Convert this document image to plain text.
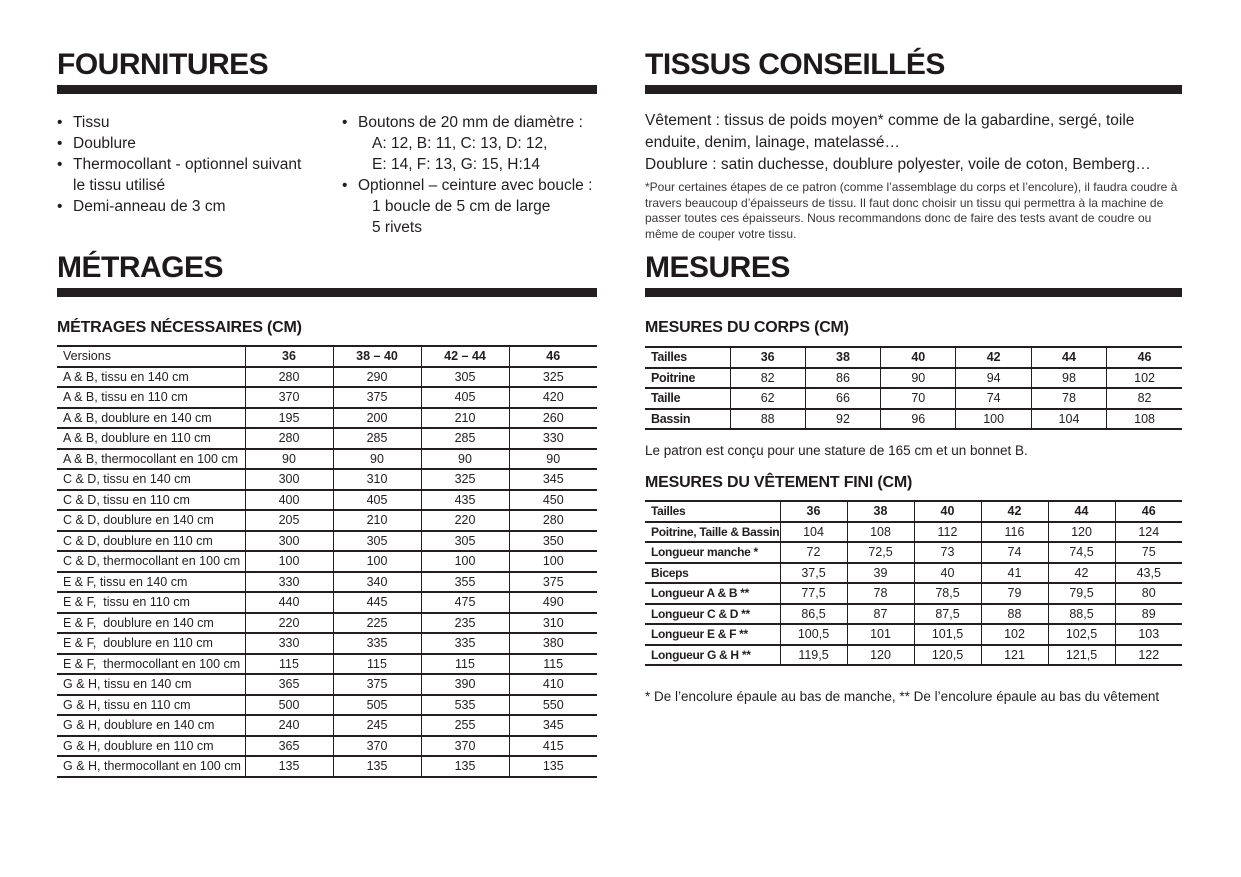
FOURNITURES
• Tissu
• Doublure
• Thermocollant - optionnel suivant
le tissu utilisé
• Demi-anneau de 3 cm
• Boutons de 20 mm de diamètre :
A: 12, B: 11, C: 13, D: 12,
E: 14, F: 13, G: 15, H:14
• Optionnel – ceinture avec boucle :
1 boucle de 5 cm de large
5 rivets
MÉTRAGES
MÉTRAGES NÉCESSAIRES (CM)
Versions	36	38 – 40	42 – 44	46
A & B, tissu en 140 cm	280	290	305	325
A & B, tissu en 110 cm	370	375	405	420
A & B, doublure en 140 cm	195	200	210	260
A & B, doublure en 110 cm	280	285	285	330
A & B, thermocollant en 100 cm	90	90	90	90
C & D, tissu en 140 cm	300	310	325	345
C & D, tissu en 110 cm	400	405	435	450
C & D, doublure en 140 cm	205	210	220	280
C & D, doublure en 110 cm	300	305	305	350
C & D, thermocollant en 100 cm	100	100	100	100
E & F, tissu en 140 cm	330	340	355	375
E & F,  tissu en 110 cm	440	445	475	490
E & F,  doublure en 140 cm	220	225	235	310
E & F,  doublure en 110 cm	330	335	335	380
E & F,  thermocollant en 100 cm	115	115	115	115
G & H, tissu en 140 cm	365	375	390	410
G & H, tissu en 110 cm	500	505	535	550
G & H, doublure en 140 cm	240	245	255	345
G & H, doublure en 110 cm	365	370	370	415
G & H, thermocollant en 100 cm	135	135	135	135
TISSUS CONSEILLÉS
Vêtement : tissus de poids moyen* comme de la gabardine, sergé, toile enduite, denim, lainage, matelassé…
Doublure : satin duchesse, doublure polyester, voile de coton, Bemberg…
*Pour certaines étapes de ce patron (comme l’assemblage du corps et l’encolure), il faudra coudre à travers beaucoup d’épaisseurs de tissu. Il faut donc choisir un tissu qui permettra à la machine de passer toutes ces épaisseurs. Nous recommandons donc de faire des tests avant de coudre ou même de couper votre tissu.
MESURES
MESURES DU CORPS (CM)
Tailles	36	38	40	42	44	46
Poitrine	82	86	90	94	98	102
Taille	62	66	70	74	78	82
Bassin	88	92	96	100	104	108
Le patron est conçu pour une stature de 165 cm et un bonnet B.
MESURES DU VÊTEMENT FINI (CM)
Tailles	36	38	40	42	44	46
Poitrine, Taille & Bassin	104	108	112	116	120	124
Longueur manche *	72	72,5	73	74	74,5	75
Biceps	37,5	39	40	41	42	43,5
Longueur A & B **	77,5	78	78,5	79	79,5	80
Longueur C & D **	86,5	87	87,5	88	88,5	89
Longueur E & F **	100,5	101	101,5	102	102,5	103
Longueur G & H **	119,5	120	120,5	121	121,5	122
* De l’encolure épaule au bas de manche, ** De l’encolure épaule au bas du vêtement
